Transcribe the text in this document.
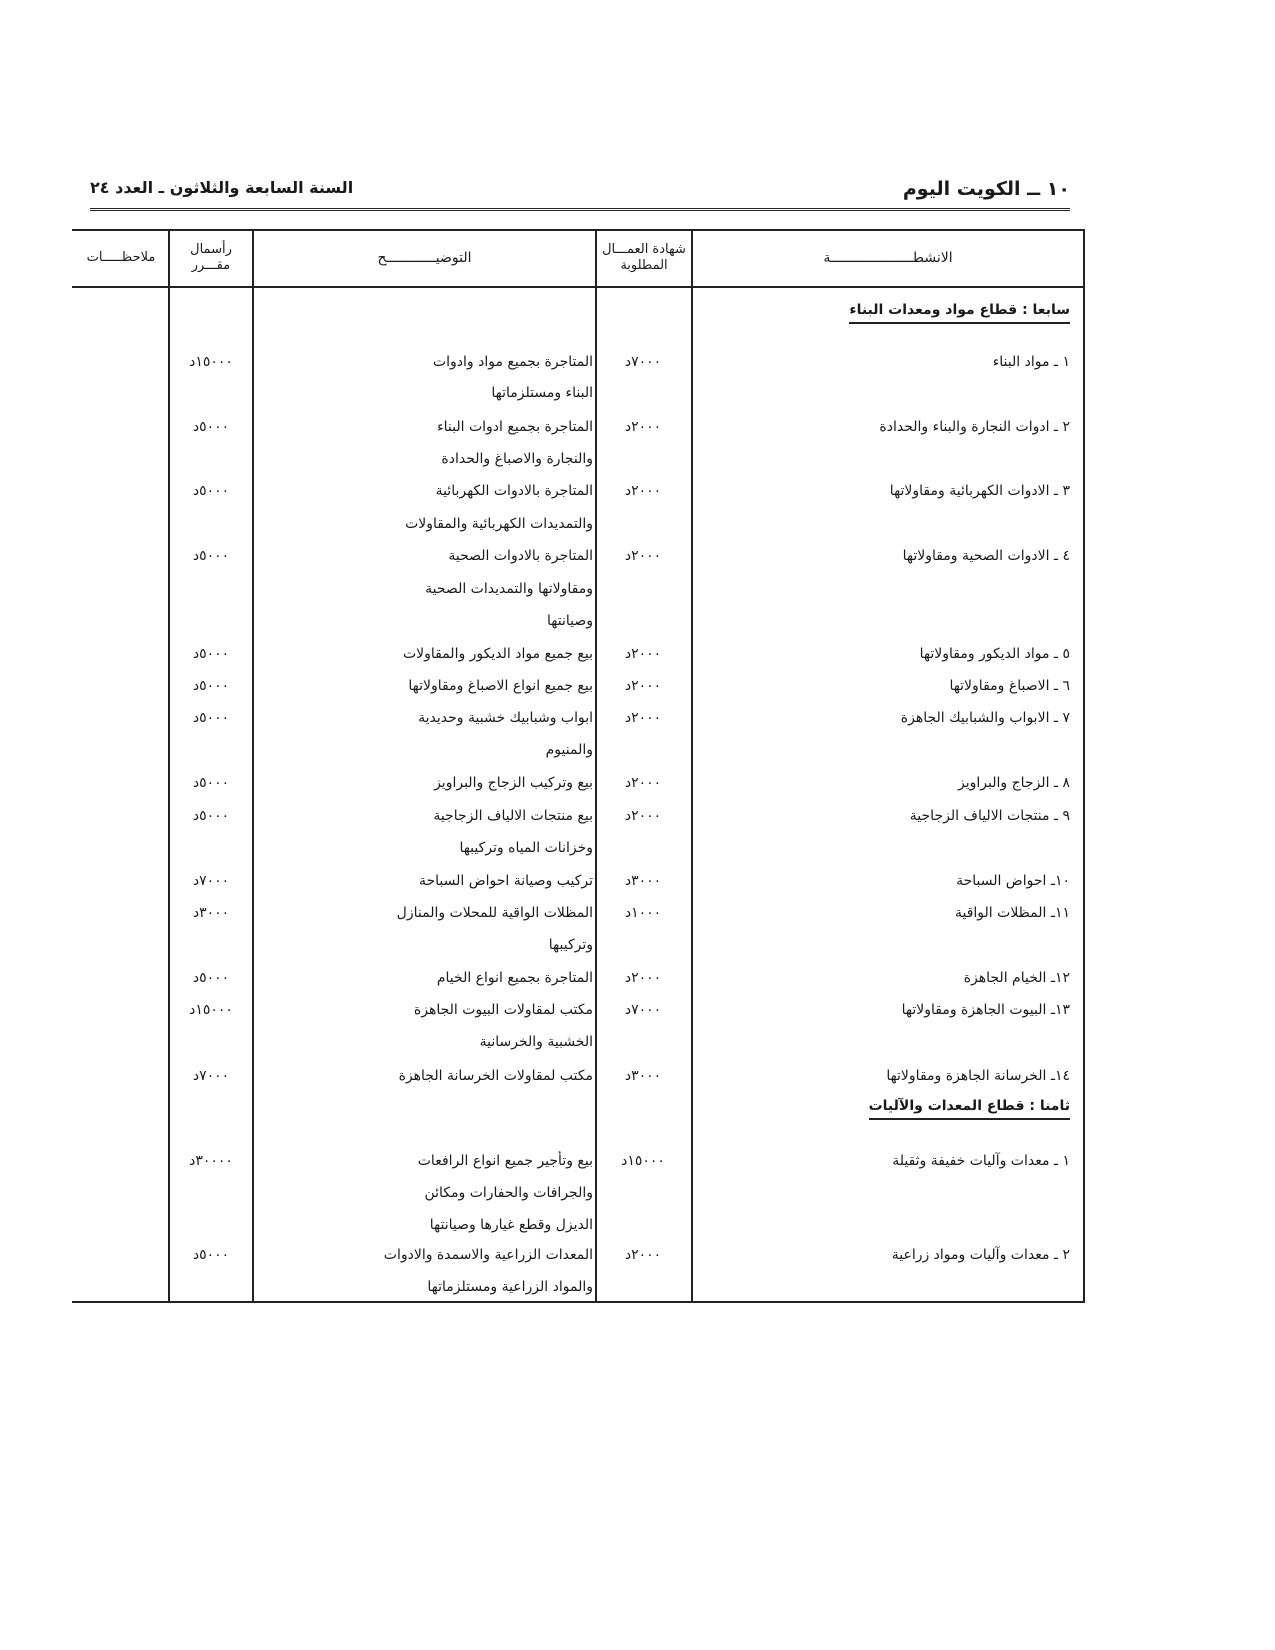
١٠ ــ الكويت اليوم
السنة السابعة والثلاثون ـ العدد ٢٤
الانشطــــــــــــــــــــة
شهادة العمـــال المطلوبة
التوضيــــــــــــح
رأسمال مقـــرر
ملاحظـــــات
سابعا : قطاع مواد ومعدات البناء
١ ـ مواد البناء
٧٠٠٠د
المتاجرة بجميع مواد وادوات
البناء ومستلزماتها
١٥٠٠٠د
٢ ـ ادوات النجارة والبناء والحدادة
٢٠٠٠د
المتاجرة بجميع ادوات البناء
والنجارة والاصباغ والحدادة
٥٠٠٠د
٣ ـ الادوات الكهربائية ومقاولاتها
٢٠٠٠د
المتاجرة بالادوات الكهربائية
والتمديدات الكهربائية والمقاولات
٥٠٠٠د
٤ ـ الادوات الصحية ومقاولاتها
٢٠٠٠د
المتاجرة بالادوات الصحية
ومقاولاتها والتمديدات الصحية
وصيانتها
٥٠٠٠د
٥ ـ مواد الديكور ومقاولاتها
٢٠٠٠د
بيع جميع مواد الديكور والمقاولات
٥٠٠٠د
٦ ـ الاصباغ ومقاولاتها
٢٠٠٠د
بيع جميع انواع الاصباغ ومقاولاتها
٥٠٠٠د
٧ ـ الابواب والشبابيك الجاهزة
٢٠٠٠د
ابواب وشبابيك خشبية وحديدية
والمنيوم
٥٠٠٠د
٨ ـ الزجاج والبراويز
٢٠٠٠د
بيع وتركيب الزجاج والبراويز
٥٠٠٠د
٩ ـ منتجات الالياف الزجاجية
٢٠٠٠د
بيع منتجات الالياف الزجاجية
وخزانات المياه وتركيبها
٥٠٠٠د
١٠ـ احواض السباحة
٣٠٠٠د
تركيب وصيانة احواض السباحة
٧٠٠٠د
١١ـ المظلات الواقية
١٠٠٠د
المظلات الواقية للمحلات والمنازل
وتركيبها
٣٠٠٠د
١٢ـ الخيام الجاهزة
٢٠٠٠د
المتاجرة بجميع انواع الخيام
٥٠٠٠د
١٣ـ البيوت الجاهزة ومقاولاتها
٧٠٠٠د
مكتب لمقاولات البيوت الجاهزة
الخشبية والخرسانية
١٥٠٠٠د
١٤ـ الخرسانة الجاهزة ومقاولاتها
٣٠٠٠د
مكتب لمقاولات الخرسانة الجاهزة
٧٠٠٠د
ثامنا : قطاع المعدات والآليات
١ ـ معدات وآليات خفيفة وثقيلة
١٥٠٠٠د
بيع وتأجير جميع انواع الرافعات
والجرافات والحفارات ومكائن
الديزل وقطع غيارها وصيانتها
٣٠٠٠٠د
٢ ـ معدات وآليات ومواد زراعية
٢٠٠٠د
المعدات الزراعية والاسمدة والادوات
والمواد الزراعية ومستلزماتها
٥٠٠٠د
